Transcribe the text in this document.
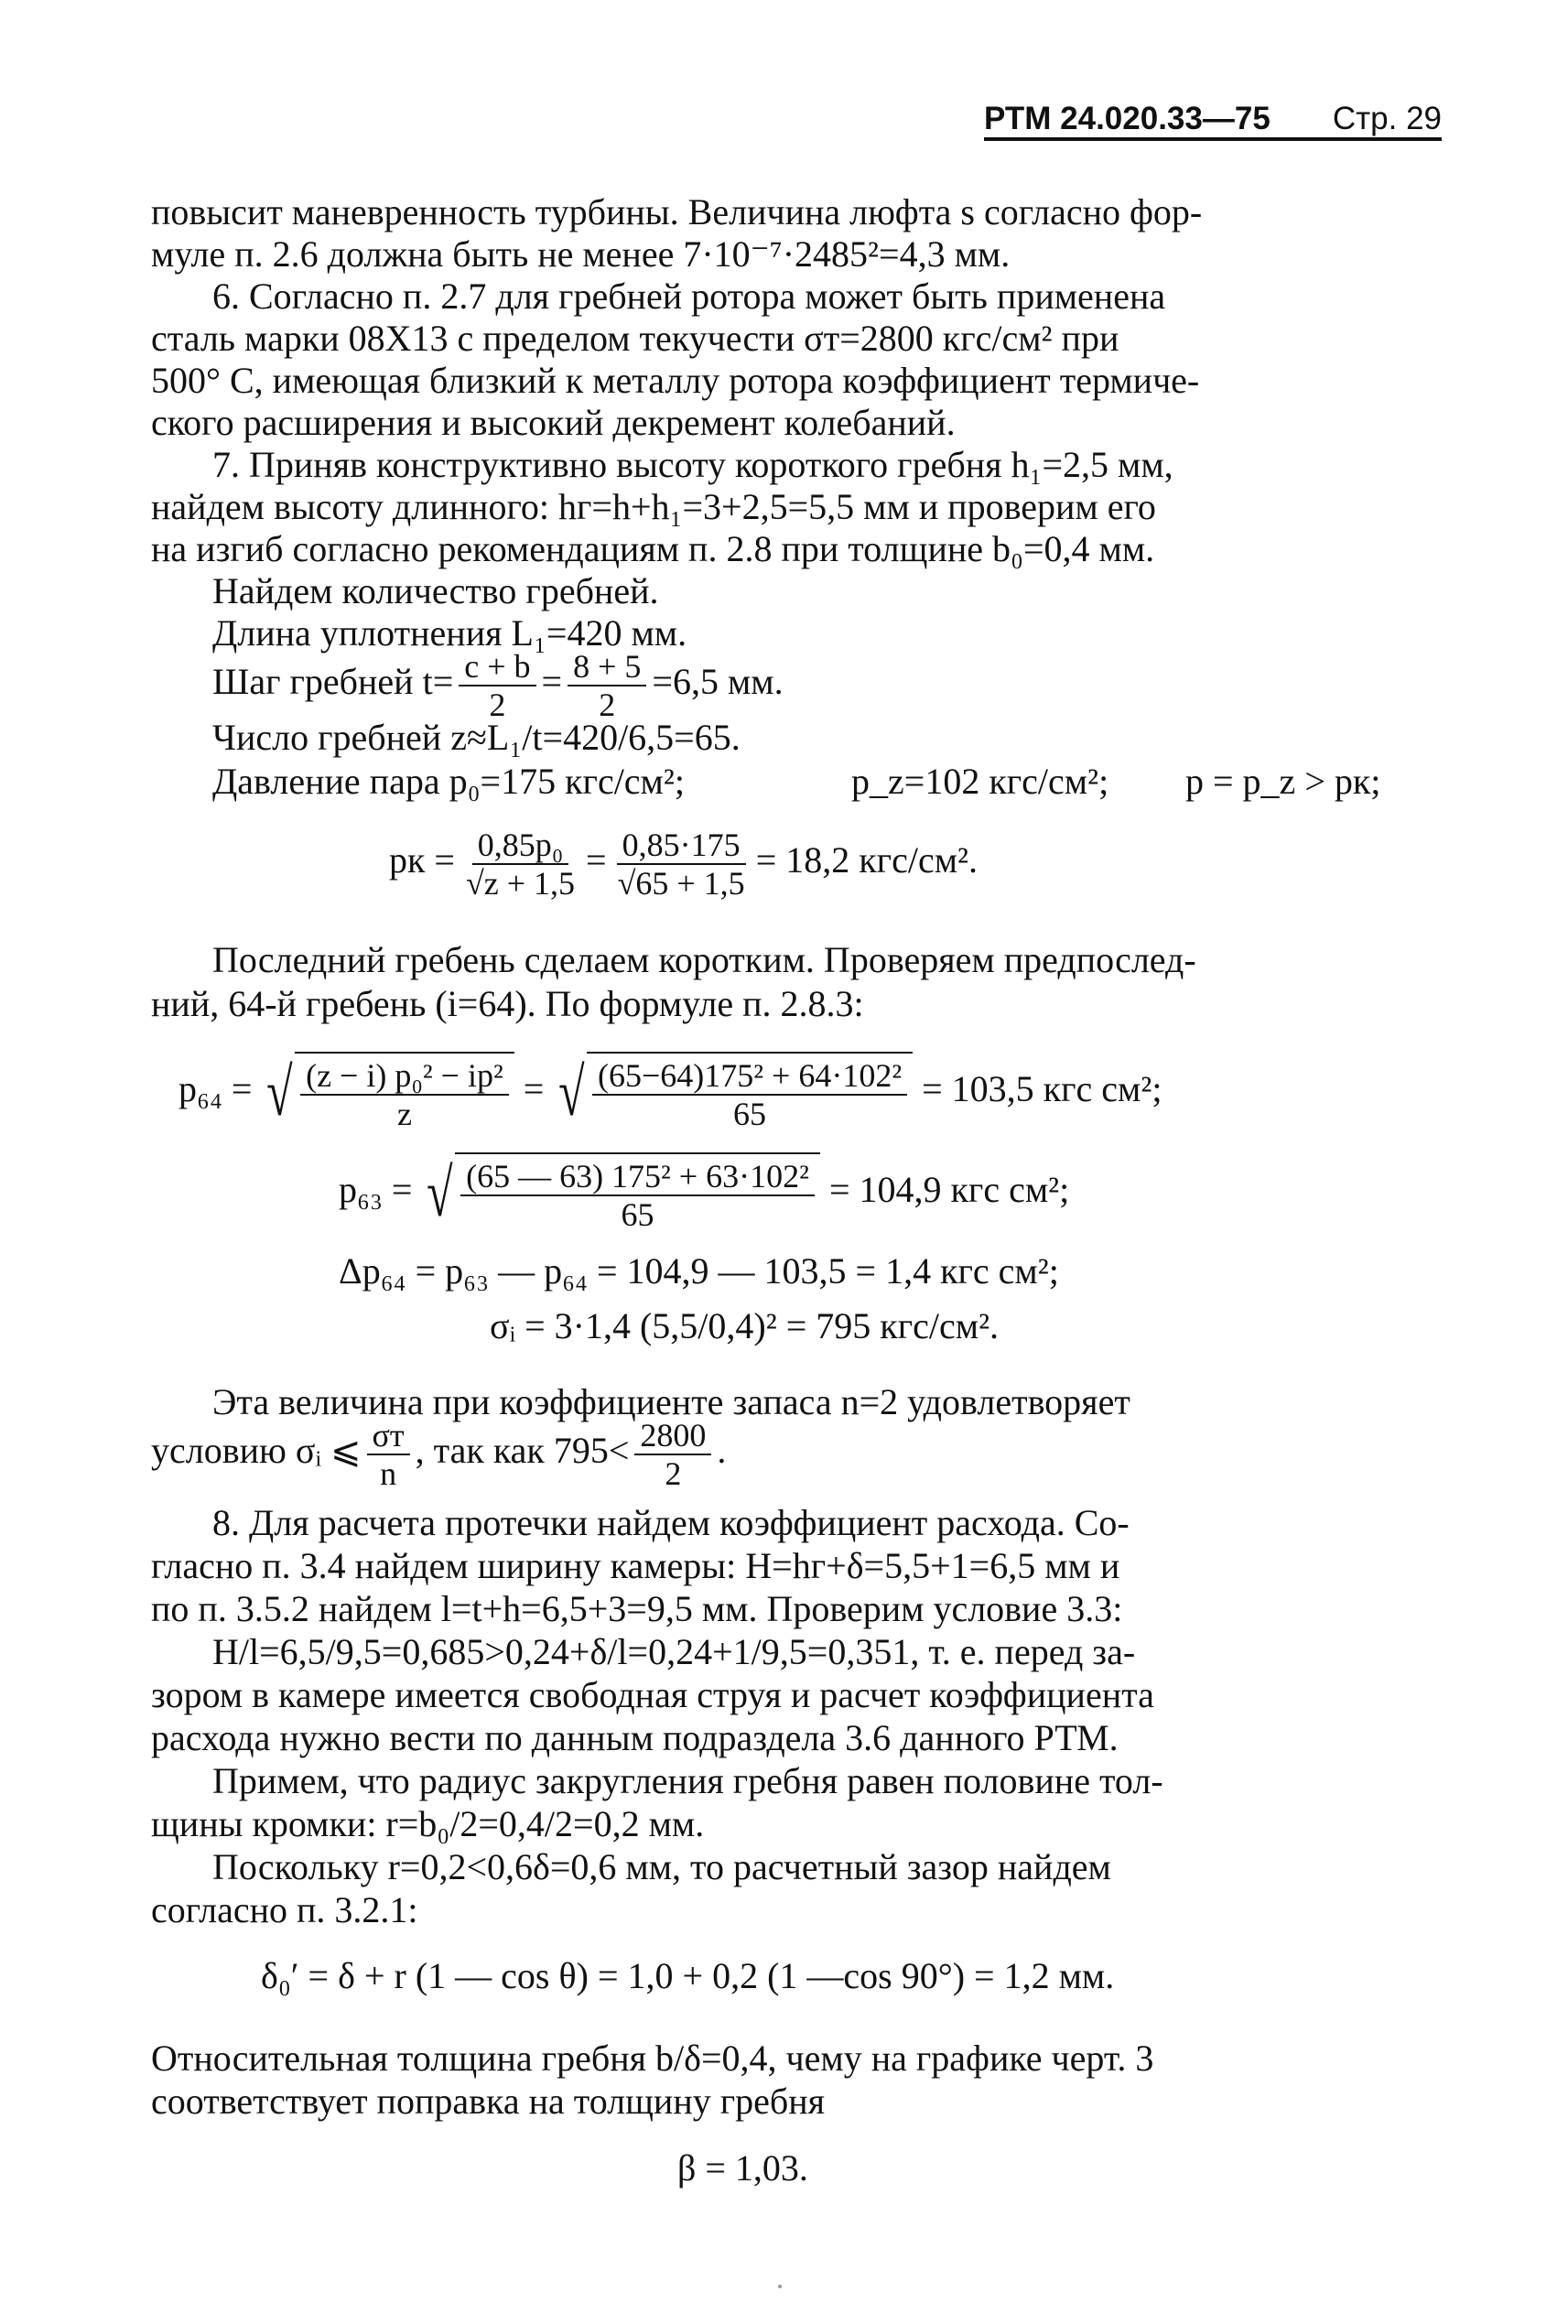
РТМ 24.020.33—75 Стр. 29
повысит маневренность турбины. Величина люфта s согласно фор-
муле п. 2.6 должна быть не менее 7·10⁻⁷·2485²=4,3 мм.
6. Согласно п. 2.7 для гребней ротора может быть применена
сталь марки 08Х13 с пределом текучести σт=2800 кгс/см² при
500° С, имеющая близкий к металлу ротора коэффициент термиче-
ского расширения и высокий декремент колебаний.
7. Приняв конструктивно высоту короткого гребня h₁=2,5 мм,
найдем высоту длинного: hг=h+h₁=3+2,5=5,5 мм и проверим его
на изгиб согласно рекомендациям п. 2.8 при толщине b₀=0,4 мм.
Найдем количество гребней.
Длина уплотнения L₁=420 мм.
Шаг гребней $t= \frac{c + b}{2} = \frac{8 + 5}{2} =6,5$ мм.
Число гребней z≈L₁/t=420/6,5=65.
Давление пара p₀=175 кгс/см²;	p_z=102 кгс/см²; p = p_z > pк;
pк = $\frac{\text{0,85p₀}}{√z + 1,5} = \frac{0,85\cdot 175}{√65 + 1,5} = 18,2$ кгс/см².
Последний гребень сделаем коротким. Проверяем предпослед-
ний, 64-й гребень (i=64). По формуле п. 2.8.3:
p₆₄ = √ $\frac{\text{(z − i) p₀² − ip²}}{z}$ = √ $\frac{\text{(65−64)175² + 64·102²}}{65} = 103,5$ кгс см²;
p₆₃ = √ $\frac{\text{(65 — 63) 175² + 63·102²}}{65} = 104,9$ кгс см²;
Δp₆₄ = p₆₃ — p₆₄ = 104,9 — 103,5 = 1,4 кгс см²;
σᵢ = 3·1,4 (5,5/0,4)² = 795 кгс/см².
Эта величина при коэффициенте запаса n=2 удовлетворяет
условию σᵢ ⩽ $\frac{\sigma т}{n}$ , так как $795< \frac{2800}{2}$ .
8. Для расчета протечки найдем коэффициент расхода. Со-
гласно п. 3.4 найдем ширину камеры: H=hг+δ=5,5+1=6,5 мм и
по п. 3.5.2 найдем l=t+h=6,5+3=9,5 мм. Проверим условие 3.3:
H/l=6,5/9,5=0,685>0,24+δ/l=0,24+1/9,5=0,351, т. е. перед за-
зором в камере имеется свободная струя и расчет коэффициента
расхода нужно вести по данным подраздела 3.6 данного РТМ.
Примем, что радиус закругления гребня равен половине тол-
щины кромки: r=b₀/2=0,4/2=0,2 мм.
Поскольку r=0,2<0,6δ=0,6 мм, то расчетный зазор найдем
согласно п. 3.2.1:
δ₀′ = δ + r (1 — cos θ) = 1,0 + 0,2 (1 —cos 90°) = 1,2 мм.
Относительная толщина гребня b/δ=0,4, чему на графике черт. 3
соответствует поправка на толщину гребня
β = 1,03.
